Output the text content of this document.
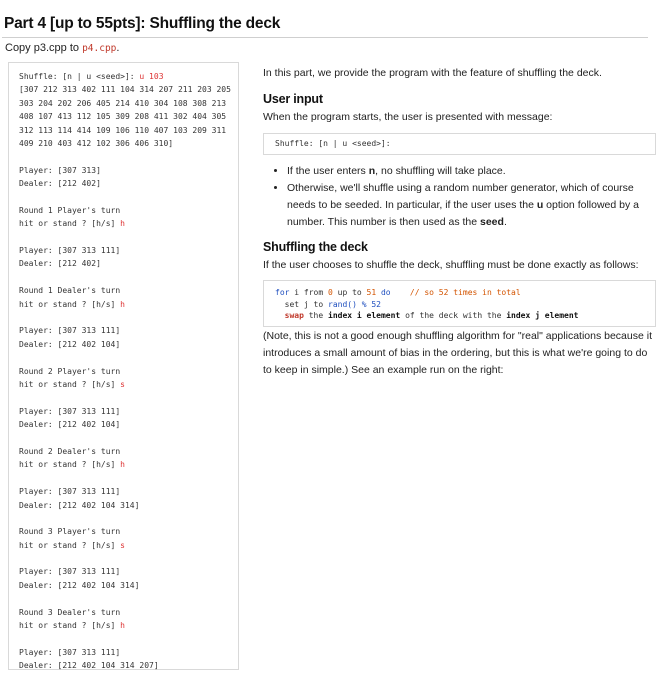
Part 4 [up to 55pts]: Shuffling the deck
Copy p3.cpp to p4.cpp.
Shuffle: [n | u <seed>]: u 103
[307 212 313 402 111 104 314 207 211 203 205
303 204 202 206 405 214 410 304 108 308 213
408 107 413 112 105 309 208 411 302 404 305
312 113 114 414 109 106 110 407 103 209 311
409 210 403 412 102 306 406 310]
Player: [307 313]
Dealer: [212 402]
Round 1 Player's turn
hit or stand ? [h/s] h
Player: [307 313 111]
Dealer: [212 402]
Round 1 Dealer's turn
hit or stand ? [h/s] h
Player: [307 313 111]
Dealer: [212 402 104]
Round 2 Player's turn
hit or stand ? [h/s] s
Player: [307 313 111]
Dealer: [212 402 104]
Round 2 Dealer's turn
hit or stand ? [h/s] h
Player: [307 313 111]
Dealer: [212 402 104 314]
Round 3 Player's turn
hit or stand ? [h/s] s
Player: [307 313 111]
Dealer: [212 402 104 314]
Round 3 Dealer's turn
hit or stand ? [h/s] h
Player: [307 313 111]
Dealer: [212 402 104 314 207]
In this part, we provide the program with the feature of shuffling the deck.
User input
When the program starts, the user is presented with message:
Shuffle: [n | u <seed>]:
• If the user enters n, no shuffling will take place.
• Otherwise, we'll shuffle using a random number generator, which of course needs to be seeded. In particular, if the user uses the u option followed by a number. This number is then used as the seed.
Shuffling the deck
If the user chooses to shuffle the deck, shuffling must be done exactly as follows:
for i from 0 up to 51 do // so 52 times in total
set j to rand() % 52
swap the index i element of the deck with the index j element
(Note, this is not a good enough shuffling algorithm for "real" applications because it introduces a small amount of bias in the ordering, but this is what we're going to do to keep in simple.) See an example run on the right:
